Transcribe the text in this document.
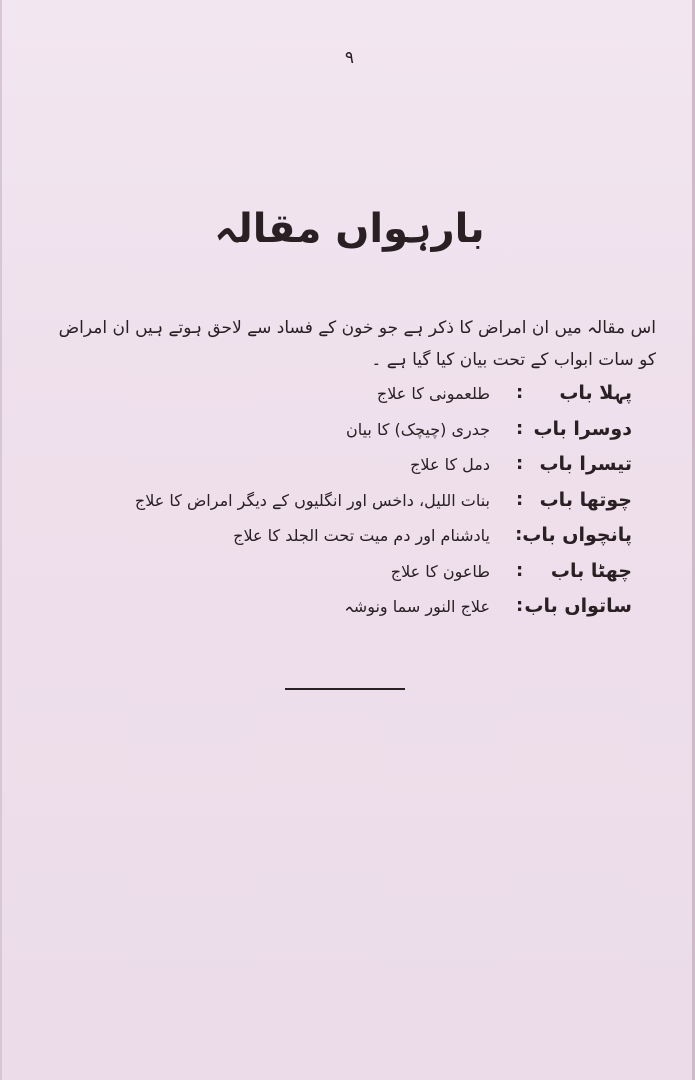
٩
بارہواں مقالہ
اس مقالہ میں ان امراض کا ذکر ہے جو خون کے فساد سے لاحق ہوتے ہیں ان امراض
کو سات ابواب کے تحت بیان کیا گیا ہے ۔
پہلا باب
:
طلعمونی کا علاج
دوسرا باب
:
جدری (چیچک) کا بیان
تیسرا باب
:
دمل کا علاج
چوتھا باب
:
بنات اللیل، داخس اور انگلیوں کے دیگر امراض کا علاج
پانچواں باب
:
یادشنام اور دم میت تحت الجلد کا علاج
چھٹا باب
:
طاعون کا علاج
ساتواں باب
:
علاج النور سما ونوشہ
